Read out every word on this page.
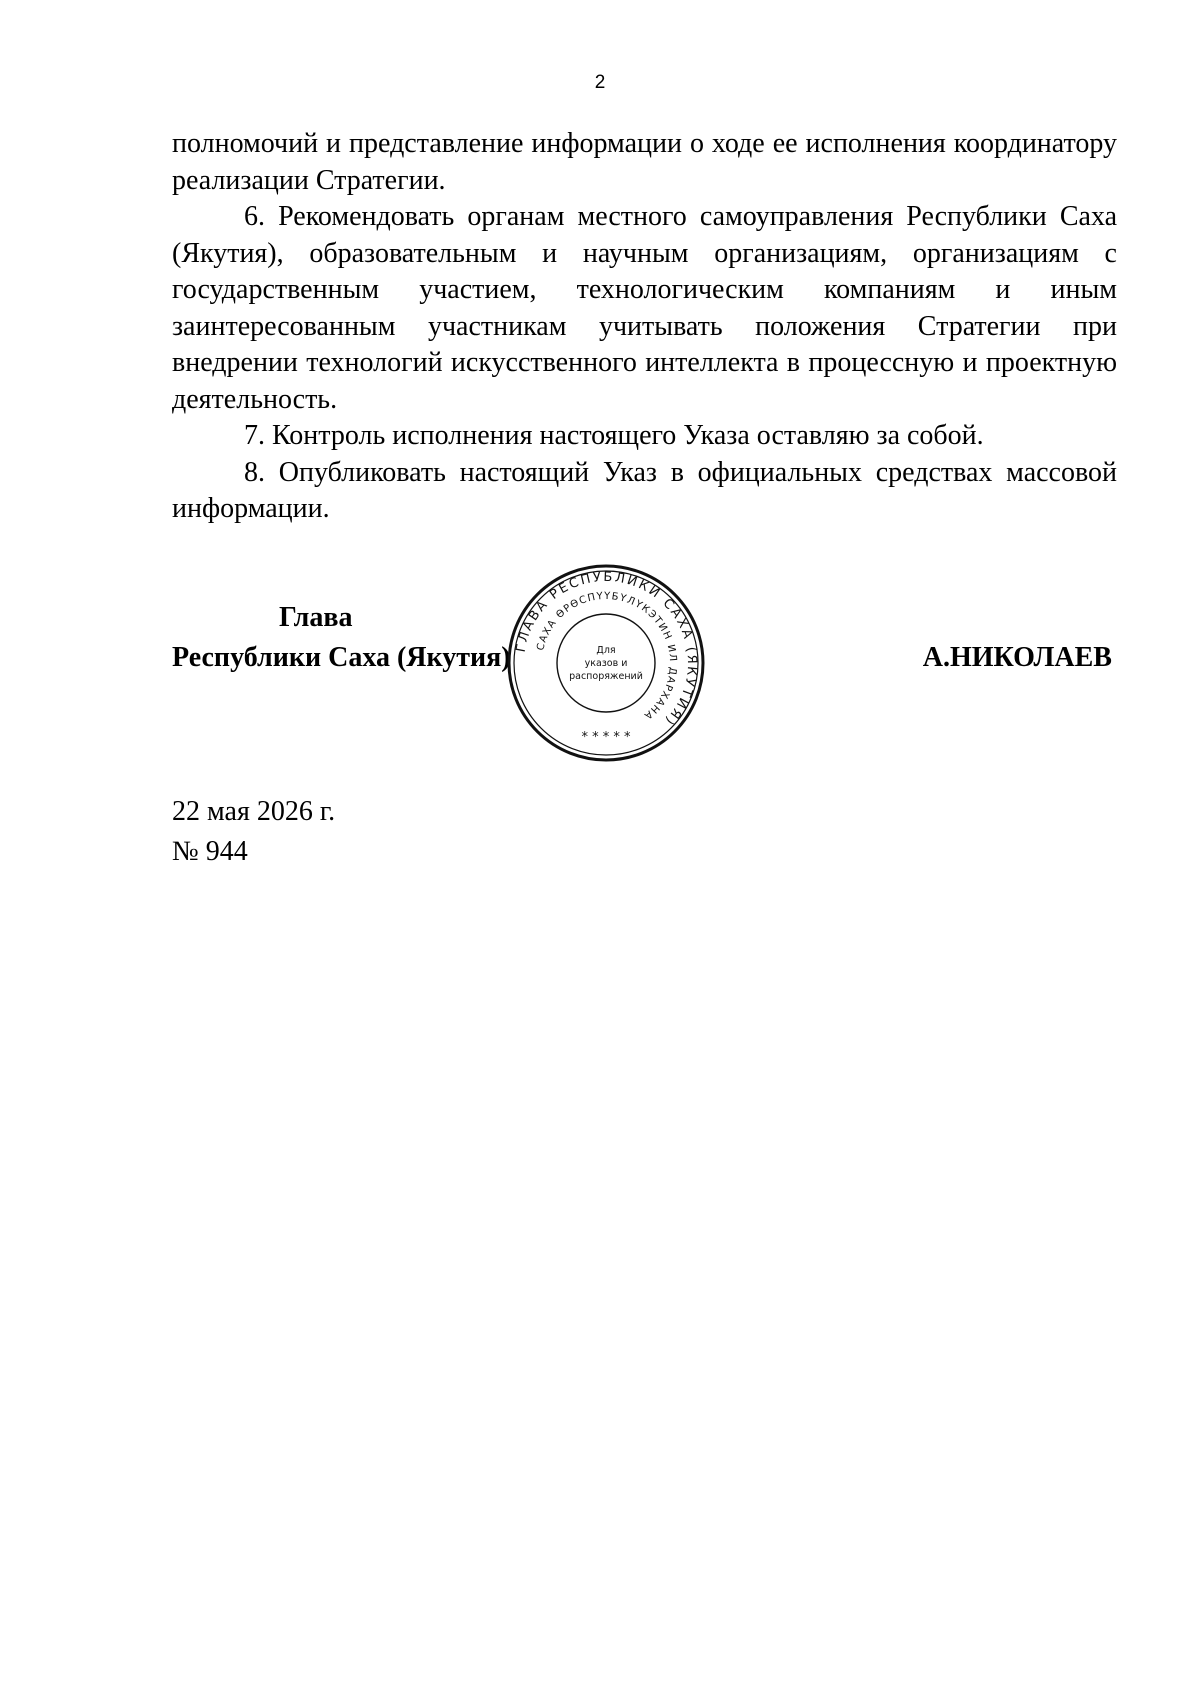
2

полномочий и представление информации о ходе ее исполнения координатору реализации Стратегии.

6. Рекомендовать органам местного самоуправления Республики Саха (Якутия), образовательным и научным организациям, организациям с государственным участием, технологическим компаниям и иным заинтересованным участникам учитывать положения Стратегии при внедрении технологий искусственного интеллекта в процессную и проектную деятельность.

7. Контроль исполнения настоящего Указа оставляю за собой.

8. Опубликовать настоящий Указ в официальных средствах массовой информации.

Глава
Республики Саха (Якутия) ГЛАВА РЕСПУБЛИКИ САХА (ЯКУТИЯ)
САХА ӨРӨСПҮҮБҮЛҮКЭТИН ИЛ ДАРХАНА
Для
указов и
распоряжений
* * * * *
А.НИКОЛАЕВ
22 мая 2026 г.
№ 944
